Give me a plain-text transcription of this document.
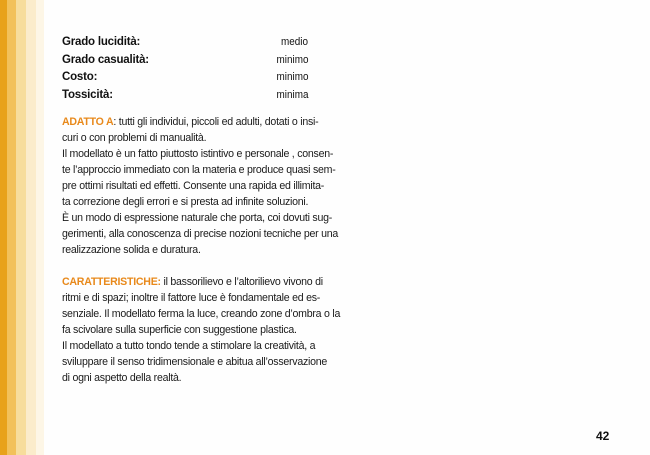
Grado lucidità:	medio
Grado casualità:	minimo
Costo:	minimo
Tossicità:	minima
ADATTO A: tutti gli individui, piccoli ed adulti, dotati o insi-
curi o con problemi di manualità.
Il modellato è un fatto piuttosto istintivo e personale , consen-
te l’approccio immediato con la materia e produce quasi sem-
pre ottimi risultati ed effetti. Consente una rapida ed illimita-
ta correzione degli errori e si presta ad infinite soluzioni.
È un modo di espressione naturale che porta, coi dovuti sug-
gerimenti, alla conoscenza di precise nozioni tecniche per una
realizzazione solida e duratura.
CARATTERISTICHE: il bassorilievo e l’altorilievo vivono di
ritmi e di spazi; inoltre il fattore luce è fondamentale ed es-
senziale. Il modellato ferma la luce, creando zone d’ombra o la
fa scivolare sulla superficie con suggestione plastica.
Il modellato a tutto tondo tende a stimolare la creatività, a
sviluppare il senso tridimensionale e abitua all’osservazione
di ogni aspetto della realtà.
42
